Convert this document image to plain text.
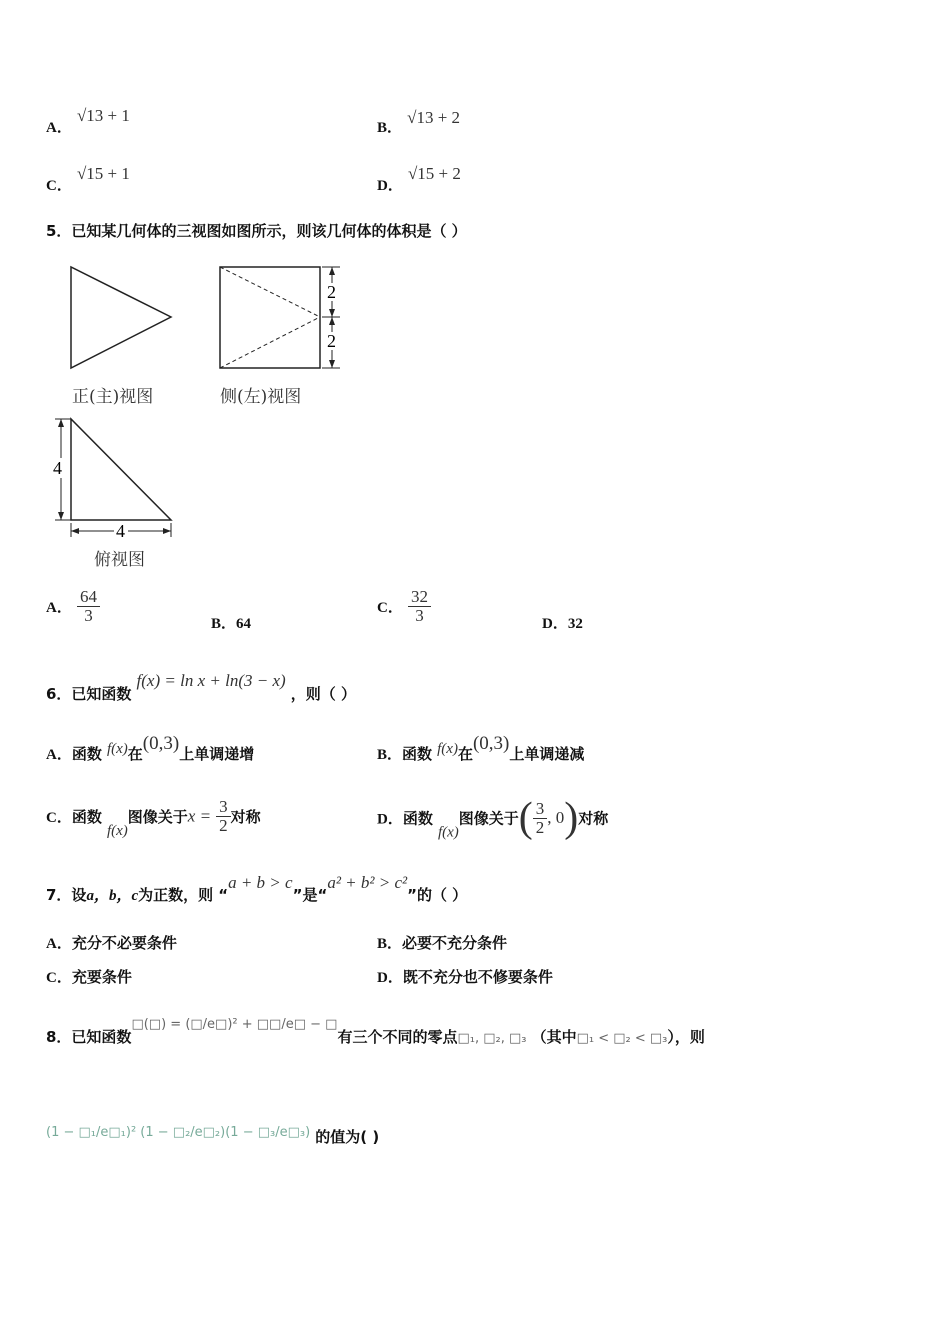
A． √13 + 1
B． √13 + 2
C． √15 + 1
D． √15 + 2
5．已知某几何体的三视图如图所示，则该几何体的体积是（ ）
2
2
4
4
正(主)视图	侧(左)视图
俯视图
A． $\frac{64}{3}$	B．64
C． $\frac{32}{3}$	D．32
6．已知函数 f(x) = ln x + ln(3 − x) ，则（ ）
A．函数 f(x)在(0,3)上单调递增	B．函数 f(x)在(0,3)上单调递减
C．函数 f(x)图像关于$x = \frac{3}{2}$ 对称	D．函数 f(x)图像关于( $\frac{3}{2}$ , 0)对称
7．设a，b，c为正数，则 “a + b > c”是“a² + b² > c²”的（ ）
A．充分不必要条件	B．必要不充分条件
C．充要条件	D．既不充分也不修要条件
8．已知函数□(□) = (□/e□)² + □□/e□ − □有三个不同的零点$_{□_1, □_2, □_3}$ （其中$_{□_1 < □_2 < □_3}$），则
(1 − □₁/e□₁)² (1 − □₂/e□₂)(1 − □₃/e□₃) 的值为( )
